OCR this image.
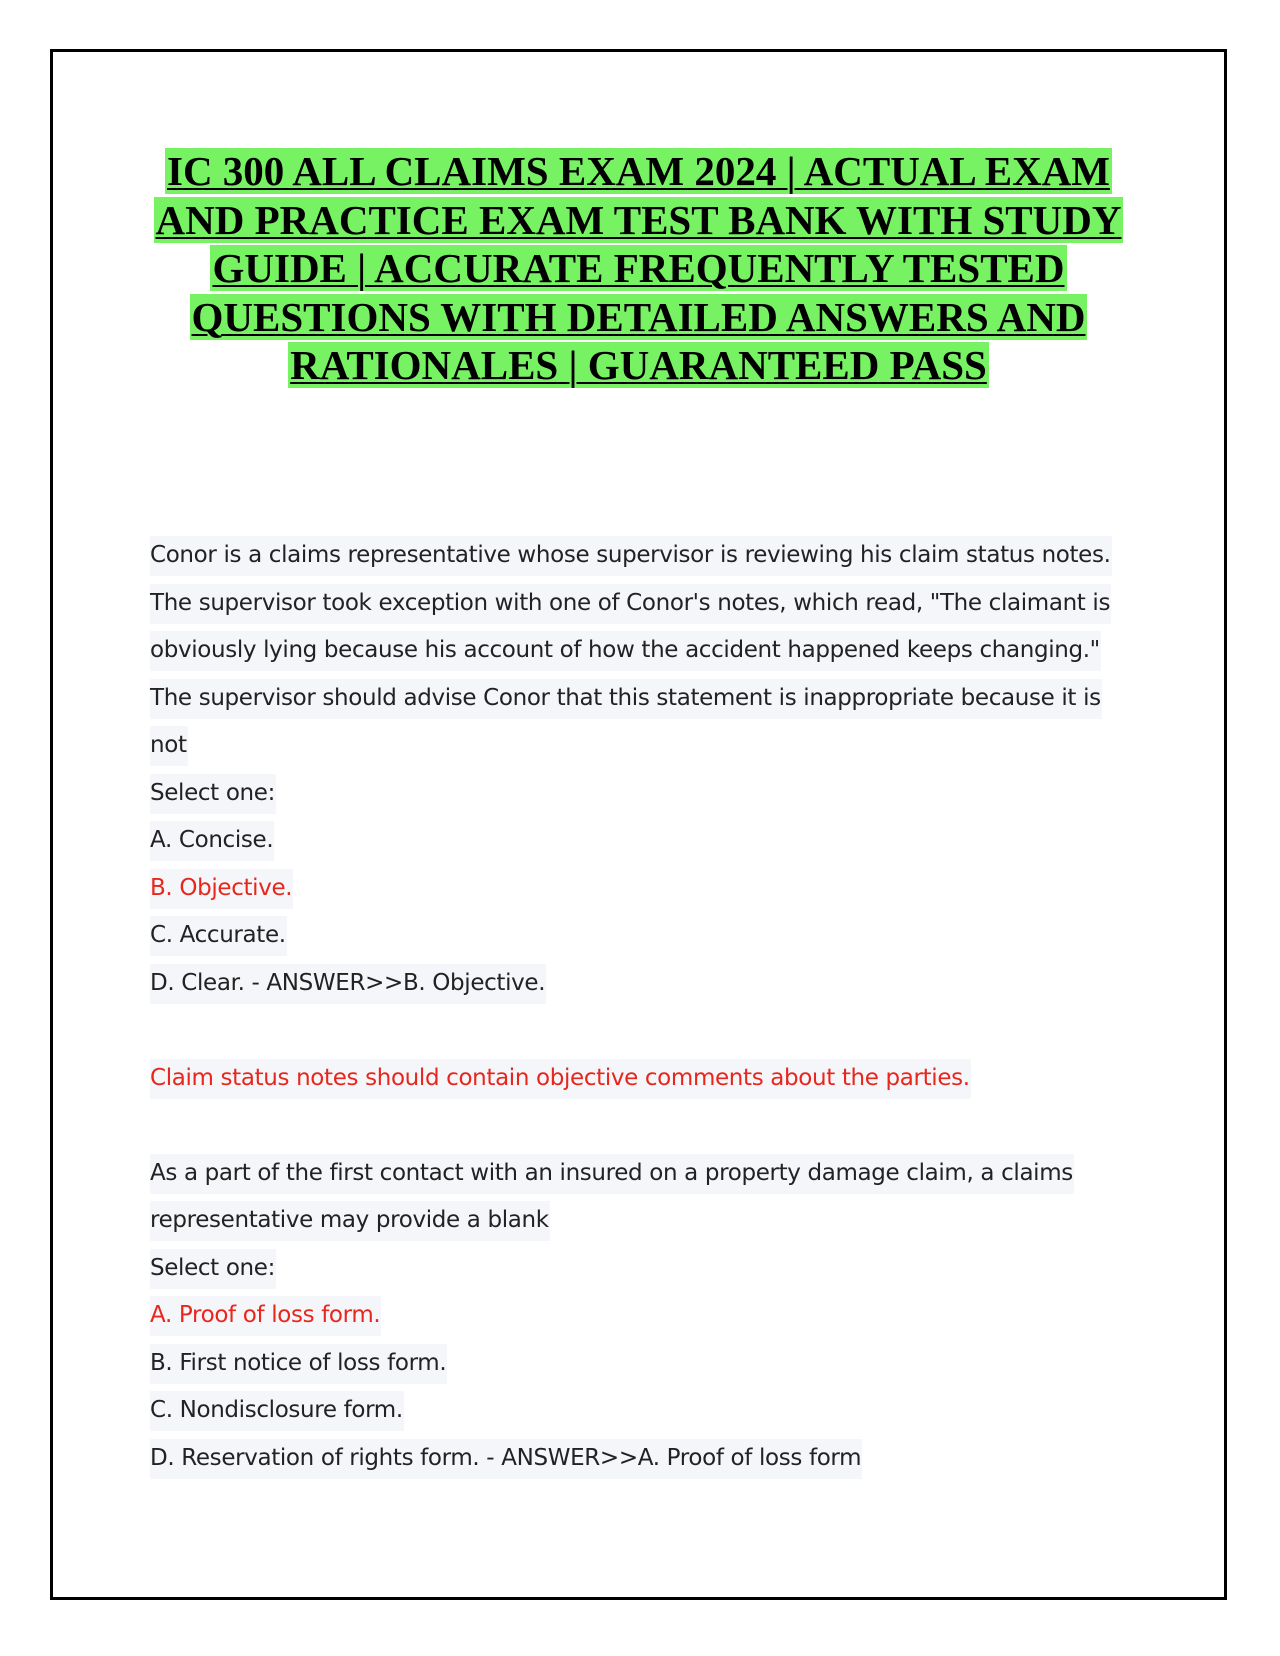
IC 300 ALL CLAIMS EXAM 2024 | ACTUAL EXAM AND PRACTICE EXAM TEST BANK WITH STUDY GUIDE | ACCURATE FREQUENTLY TESTED QUESTIONS WITH DETAILED ANSWERS AND RATIONALES | GUARANTEED PASS

Conor is a claims representative whose supervisor is reviewing his claim status notes. The supervisor took exception with one of Conor's notes, which read, "The claimant is obviously lying because his account of how the accident happened keeps changing." The supervisor should advise Conor that this statement is inappropriate because it is not

Select one:

A. Concise.

B. Objective.

C. Accurate.

D. Clear. - ANSWER>>B. Objective.

Claim status notes should contain objective comments about the parties.

As a part of the first contact with an insured on a property damage claim, a claims representative may provide a blank

Select one:

A. Proof of loss form.

B. First notice of loss form.

C. Nondisclosure form.

D. Reservation of rights form. - ANSWER>>A. Proof of loss form
